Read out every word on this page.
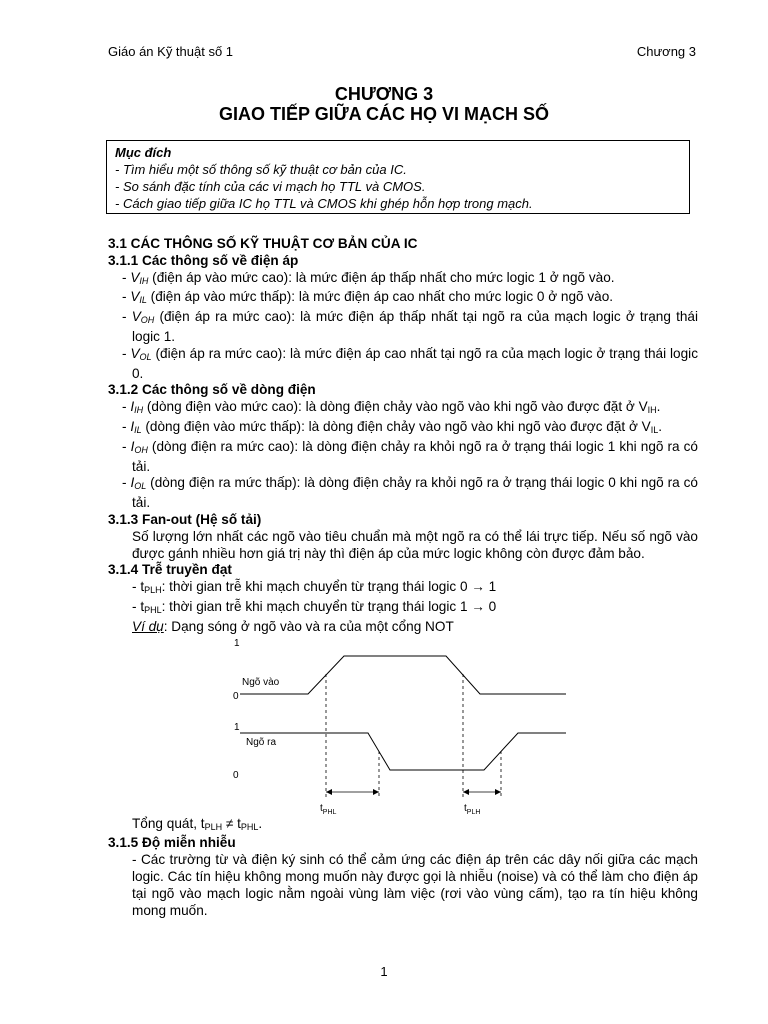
Giáo án Kỹ thuật số 1	Chương 3
CHƯƠNG 3
GIAO TIẾP GIỮA CÁC HỌ VI MẠCH SỐ
Mục đích
- Tìm hiểu một số thông số kỹ thuật cơ bản của IC.
- So sánh đặc tính của các vi mạch họ TTL và CMOS.
- Cách giao tiếp giữa IC họ TTL và CMOS khi ghép hỗn hợp trong mạch.
3.1 CÁC THÔNG SỐ KỸ THUẬT CƠ BẢN CỦA IC
3.1.1 Các thông số về điện áp
- VIH (điện áp vào mức cao): là mức điện áp thấp nhất cho mức logic 1 ở ngõ vào.
- VIL (điện áp vào mức thấp): là mức điện áp cao nhất cho mức logic 0 ở ngõ vào.
- VOH (điện áp ra mức cao): là mức điện áp thấp nhất tại ngõ ra của mạch logic ở trạng thái logic 1.
- VOL (điện áp ra mức cao): là mức điện áp cao nhất tại ngõ ra của mạch logic ở trạng thái logic 0.
3.1.2 Các thông số về dòng điện
- IIH (dòng điện vào mức cao): là dòng điện chảy vào ngõ vào khi ngõ vào được đặt ở $V_{IH}$.
- IIL (dòng điện vào mức thấp): là dòng điện chảy vào ngõ vào khi ngõ vào được đặt ở $V_{IL}$.
- IOH (dòng điện ra mức cao): là dòng điện chảy ra khỏi ngõ ra ở trạng thái logic 1 khi ngõ ra có tải.
- IOL (dòng điện ra mức thấp): là dòng điện chảy ra khỏi ngõ ra ở trạng thái logic 0 khi ngõ ra có tải.
3.1.3 Fan-out (Hệ số tải)
Số lượng lớn nhất các ngõ vào tiêu chuẩn mà một ngõ ra có thể lái trực tiếp. Nếu số ngõ vào được gánh nhiều hơn giá trị này thì điện áp của mức logic không còn được đảm bảo.
3.1.4 Trễ truyền đạt
- $t_{PLH}$: thời gian trễ khi mạch chuyển từ trạng thái logic 0 → 1
- $t_{PHL}$: thời gian trễ khi mạch chuyển từ trạng thái logic 1 → 0
Ví dụ: Dạng sóng ở ngõ vào và ra của một cổng NOT
1
Ngõ vào
0
1
Ngõ ra
0
$t_{PHL}$	$t_{PLH}$
Tổng quát, $t_{PLH} \ne t_{PHL}$.
3.1.5 Độ miễn nhiễu
- Các trường từ và điện ký sinh có thể cảm ứng các điện áp trên các dây nối giữa các mạch logic. Các tín hiệu không mong muốn này được gọi là nhiễu (noise) và có thể làm cho điện áp tại ngõ vào mạch logic nằm ngoài vùng làm việc (rơi vào vùng cấm), tạo ra tín hiệu không mong muốn.
1
